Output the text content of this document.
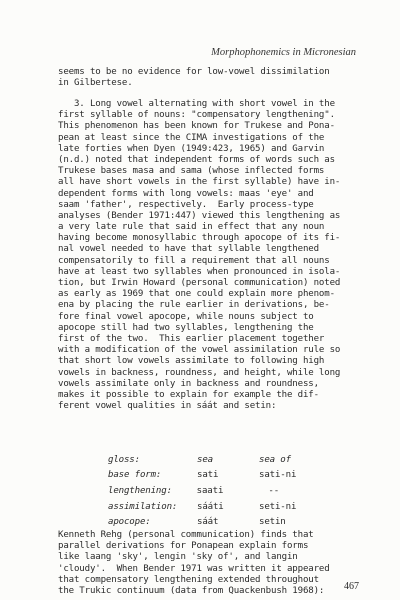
Morphophonemics in Micronesian
seems to be no evidence for low-vowel dissimilation
in Gilbertese.
3. Long vowel alternating with short vowel in the
first syllable of nouns: "compensatory lengthening".
This phenomenon has been known for Trukese and Pona-
pean at least since the CIMA investigations of the
late forties when Dyen (1949:423, 1965) and Garvin
(n.d.) noted that independent forms of words such as
Trukese bases masa and sama (whose inflected forms
all have short vowels in the first syllable) have in-
dependent forms with long vowels: maas 'eye' and
saam 'father', respectively.  Early process-type
analyses (Bender 1971:447) viewed this lengthening as
a very late rule that said in effect that any noun
having become monosyllabic through apocope of its fi-
nal vowel needed to have that syllable lengthened
compensatorily to fill a requirement that all nouns
have at least two syllables when pronounced in isola-
tion, but Irwin Howard (personal communication) noted
as early as 1969 that one could explain more phenom-
ena by placing the rule earlier in derivations, be-
fore final vowel apocope, while nouns subject to
apocope still had two syllables, lengthening the
first of the two.  This earlier placement together
with a modification of the vowel assimilation rule so
that short low vowels assimilate to following high
vowels in backness, roundness, and height, while long
vowels assimilate only in backness and roundness,
makes it possible to explain for example the dif-
ferent vowel qualities in sáát and setin:
gloss:	sea	sea of
base form:	sati	sati-ni
lengthening:	saati	--
assimilation:	sááti	seti-ni
apocope:	sáát	setin
Kenneth Rehg (personal communication) finds that
parallel derivations for Ponapean explain forms
like laang 'sky', lengin 'sky of', and langin
'cloudy'.  When Bender 1971 was written it appeared
that compensatory lengthening extended throughout
the Trukic continuum (data from Quackenbush 1968):	467
